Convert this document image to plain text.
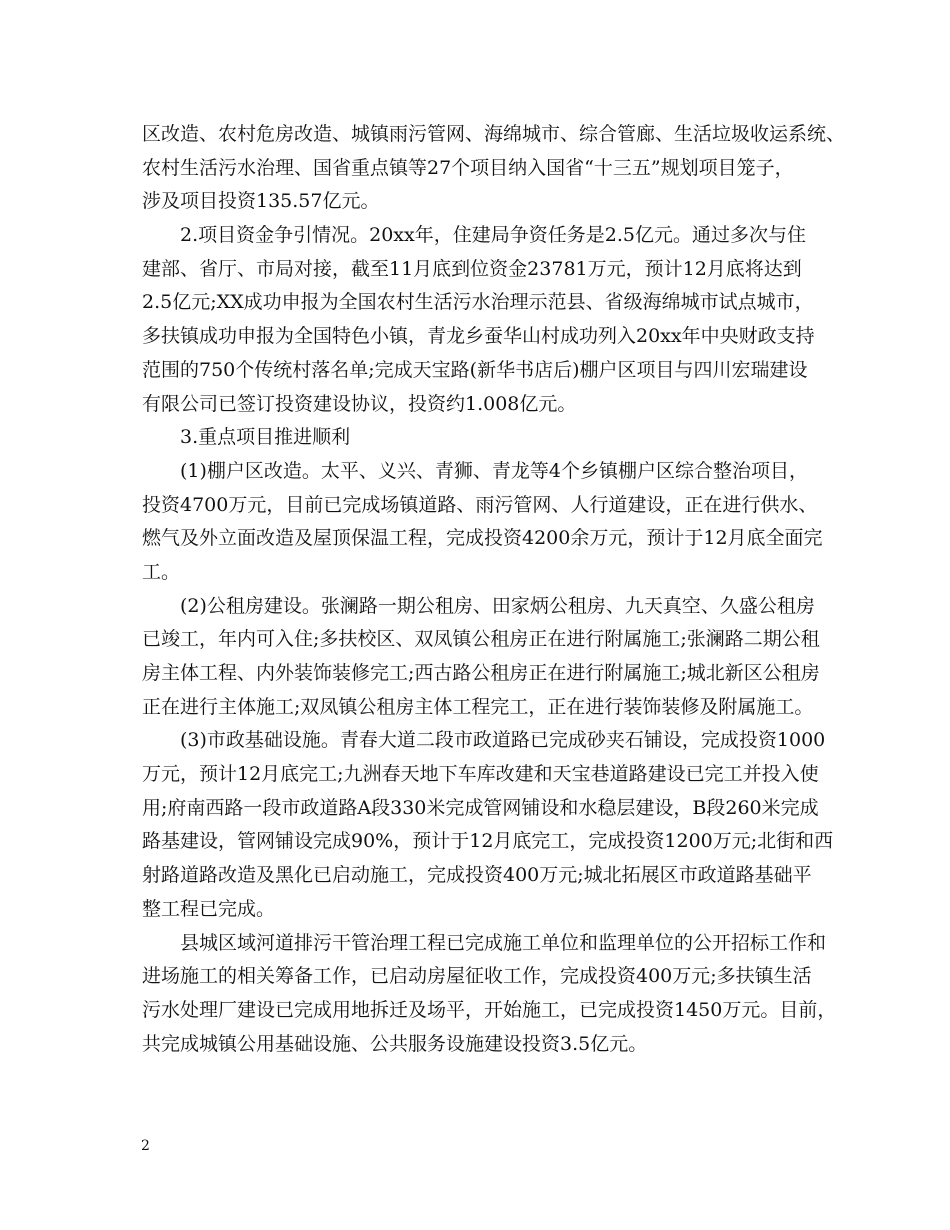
区改造、农村危房改造、城镇雨污管网、海绵城市、综合管廊、生活垃圾收运系统、
农村生活污水治理、国省重点镇等27个项目纳入国省“十三五”规划项目笼子，
涉及项目投资135.57亿元。
2.项目资金争引情况。20xx年，住建局争资任务是2.5亿元。通过多次与住
建部、省厅、市局对接，截至11月底到位资金23781万元，预计12月底将达到
2.5亿元;XX成功申报为全国农村生活污水治理示范县、省级海绵城市试点城市，
多扶镇成功申报为全国特色小镇，青龙乡蚕华山村成功列入20xx年中央财政支持
范围的750个传统村落名单;完成天宝路(新华书店后)棚户区项目与四川宏瑞建设
有限公司已签订投资建设协议，投资约1.008亿元。
3.重点项目推进顺利
(1)棚户区改造。太平、义兴、青狮、青龙等4个乡镇棚户区综合整治项目，
投资4700万元，目前已完成场镇道路、雨污管网、人行道建设，正在进行供水、
燃气及外立面改造及屋顶保温工程，完成投资4200余万元，预计于12月底全面完
工。
(2)公租房建设。张澜路一期公租房、田家炳公租房、九天真空、久盛公租房
已竣工，年内可入住;多扶校区、双凤镇公租房正在进行附属施工;张澜路二期公租
房主体工程、内外装饰装修完工;西古路公租房正在进行附属施工;城北新区公租房
正在进行主体施工;双凤镇公租房主体工程完工，正在进行装饰装修及附属施工。
(3)市政基础设施。青春大道二段市政道路已完成砂夹石铺设，完成投资1000
万元，预计12月底完工;九洲春天地下车库改建和天宝巷道路建设已完工并投入使
用;府南西路一段市政道路A段330米完成管网铺设和水稳层建设，B段260米完成
路基建设，管网铺设完成90%，预计于12月底完工，完成投资1200万元;北街和西
射路道路改造及黑化已启动施工，完成投资400万元;城北拓展区市政道路基础平
整工程已完成。
县城区域河道排污干管治理工程已完成施工单位和监理单位的公开招标工作和
进场施工的相关筹备工作，已启动房屋征收工作，完成投资400万元;多扶镇生活
污水处理厂建设已完成用地拆迁及场平，开始施工，已完成投资1450万元。目前，
共完成城镇公用基础设施、公共服务设施建设投资3.5亿元。
2
